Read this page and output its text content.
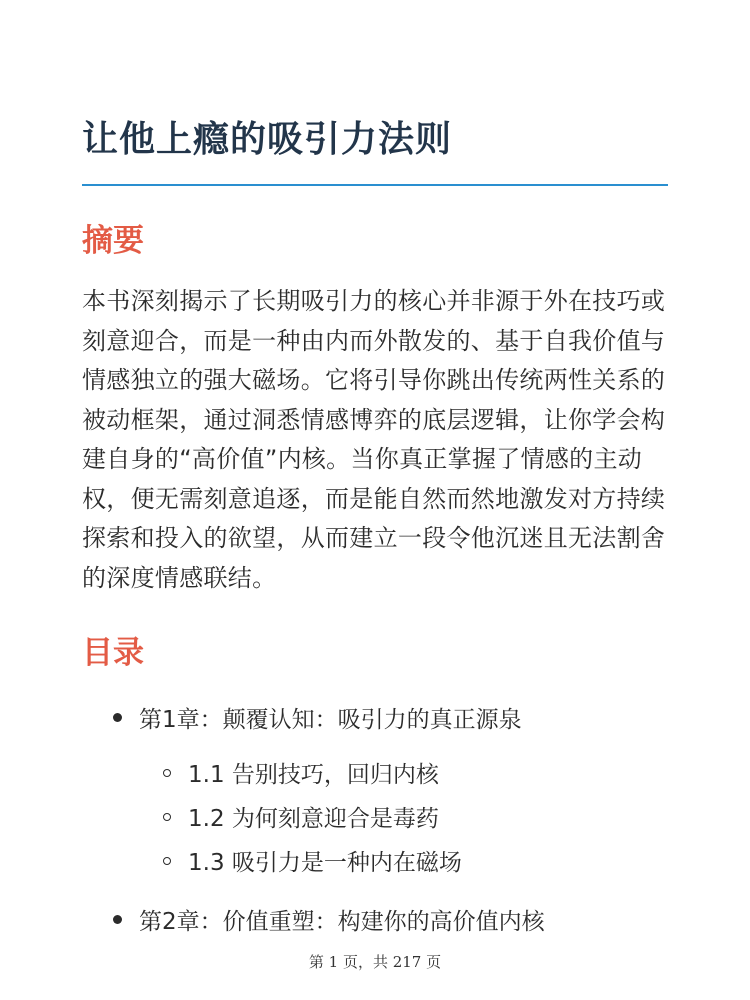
让他上瘾的吸引力法则
摘要

本书深刻揭示了长期吸引力的核心并非源于外在技巧或刻意迎合，而是一种由内而外散发的、基于自我价值与情感独立的强大磁场。它将引导你跳出传统两性关系的被动框架，通过洞悉情感博弈的底层逻辑，让你学会构建自身的“高价值”内核。当你真正掌握了情感的主动权，便无需刻意追逐，而是能自然而然地激发对方持续探索和投入的欲望，从而建立一段令他沉迷且无法割舍的深度情感联结。

目录
第1章：颠覆认知：吸引力的真正源泉
1.1 告别技巧，回归内核
1.2 为何刻意迎合是毒药
1.3 吸引力是一种内在磁场
第2章：价值重塑：构建你的高价值内核
第 1 页，共 217 页
